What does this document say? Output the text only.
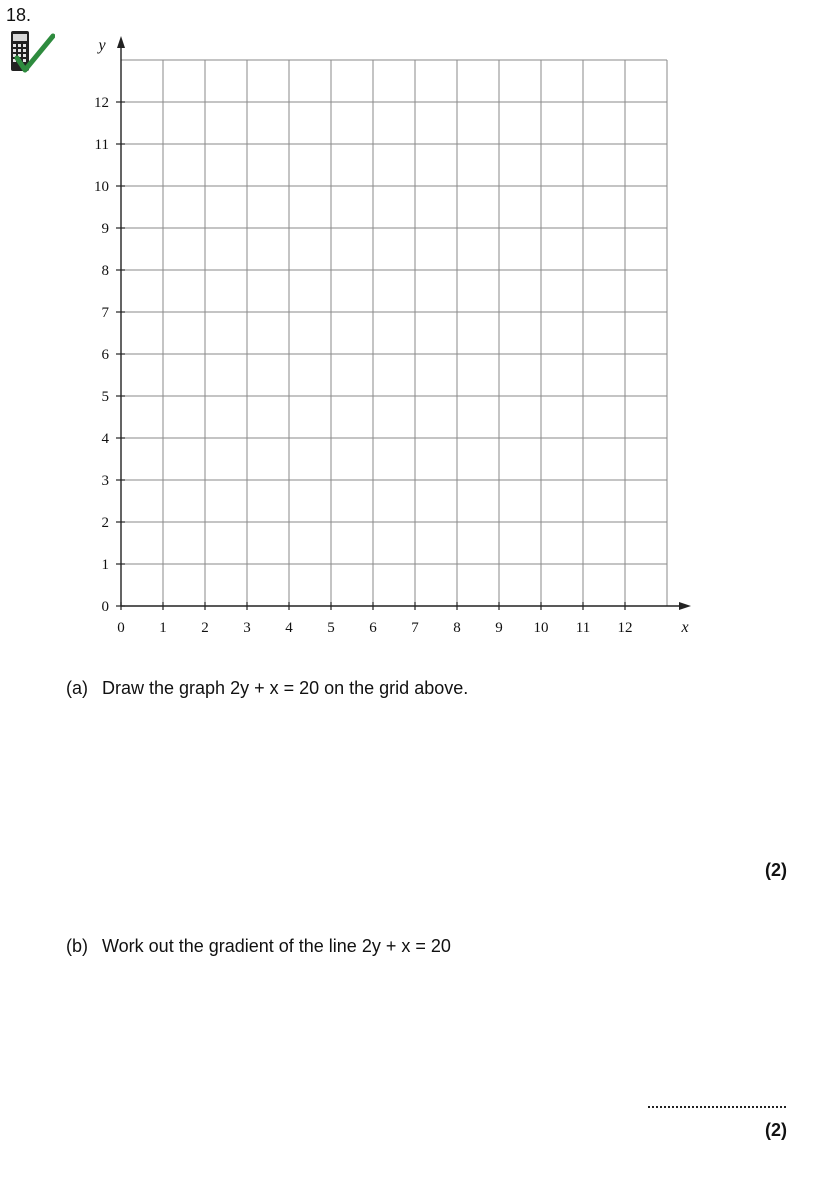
18.
0 1 2 3 4 5 6 7 8 9 10 11 12
0
1
2
3
4
5
6
7
8
9
10
11
12
x
y
(a) Draw the graph 2y + x = 20 on the grid above.
(2)
(b) Work out the gradient of the line 2y + x = 20
(2)
